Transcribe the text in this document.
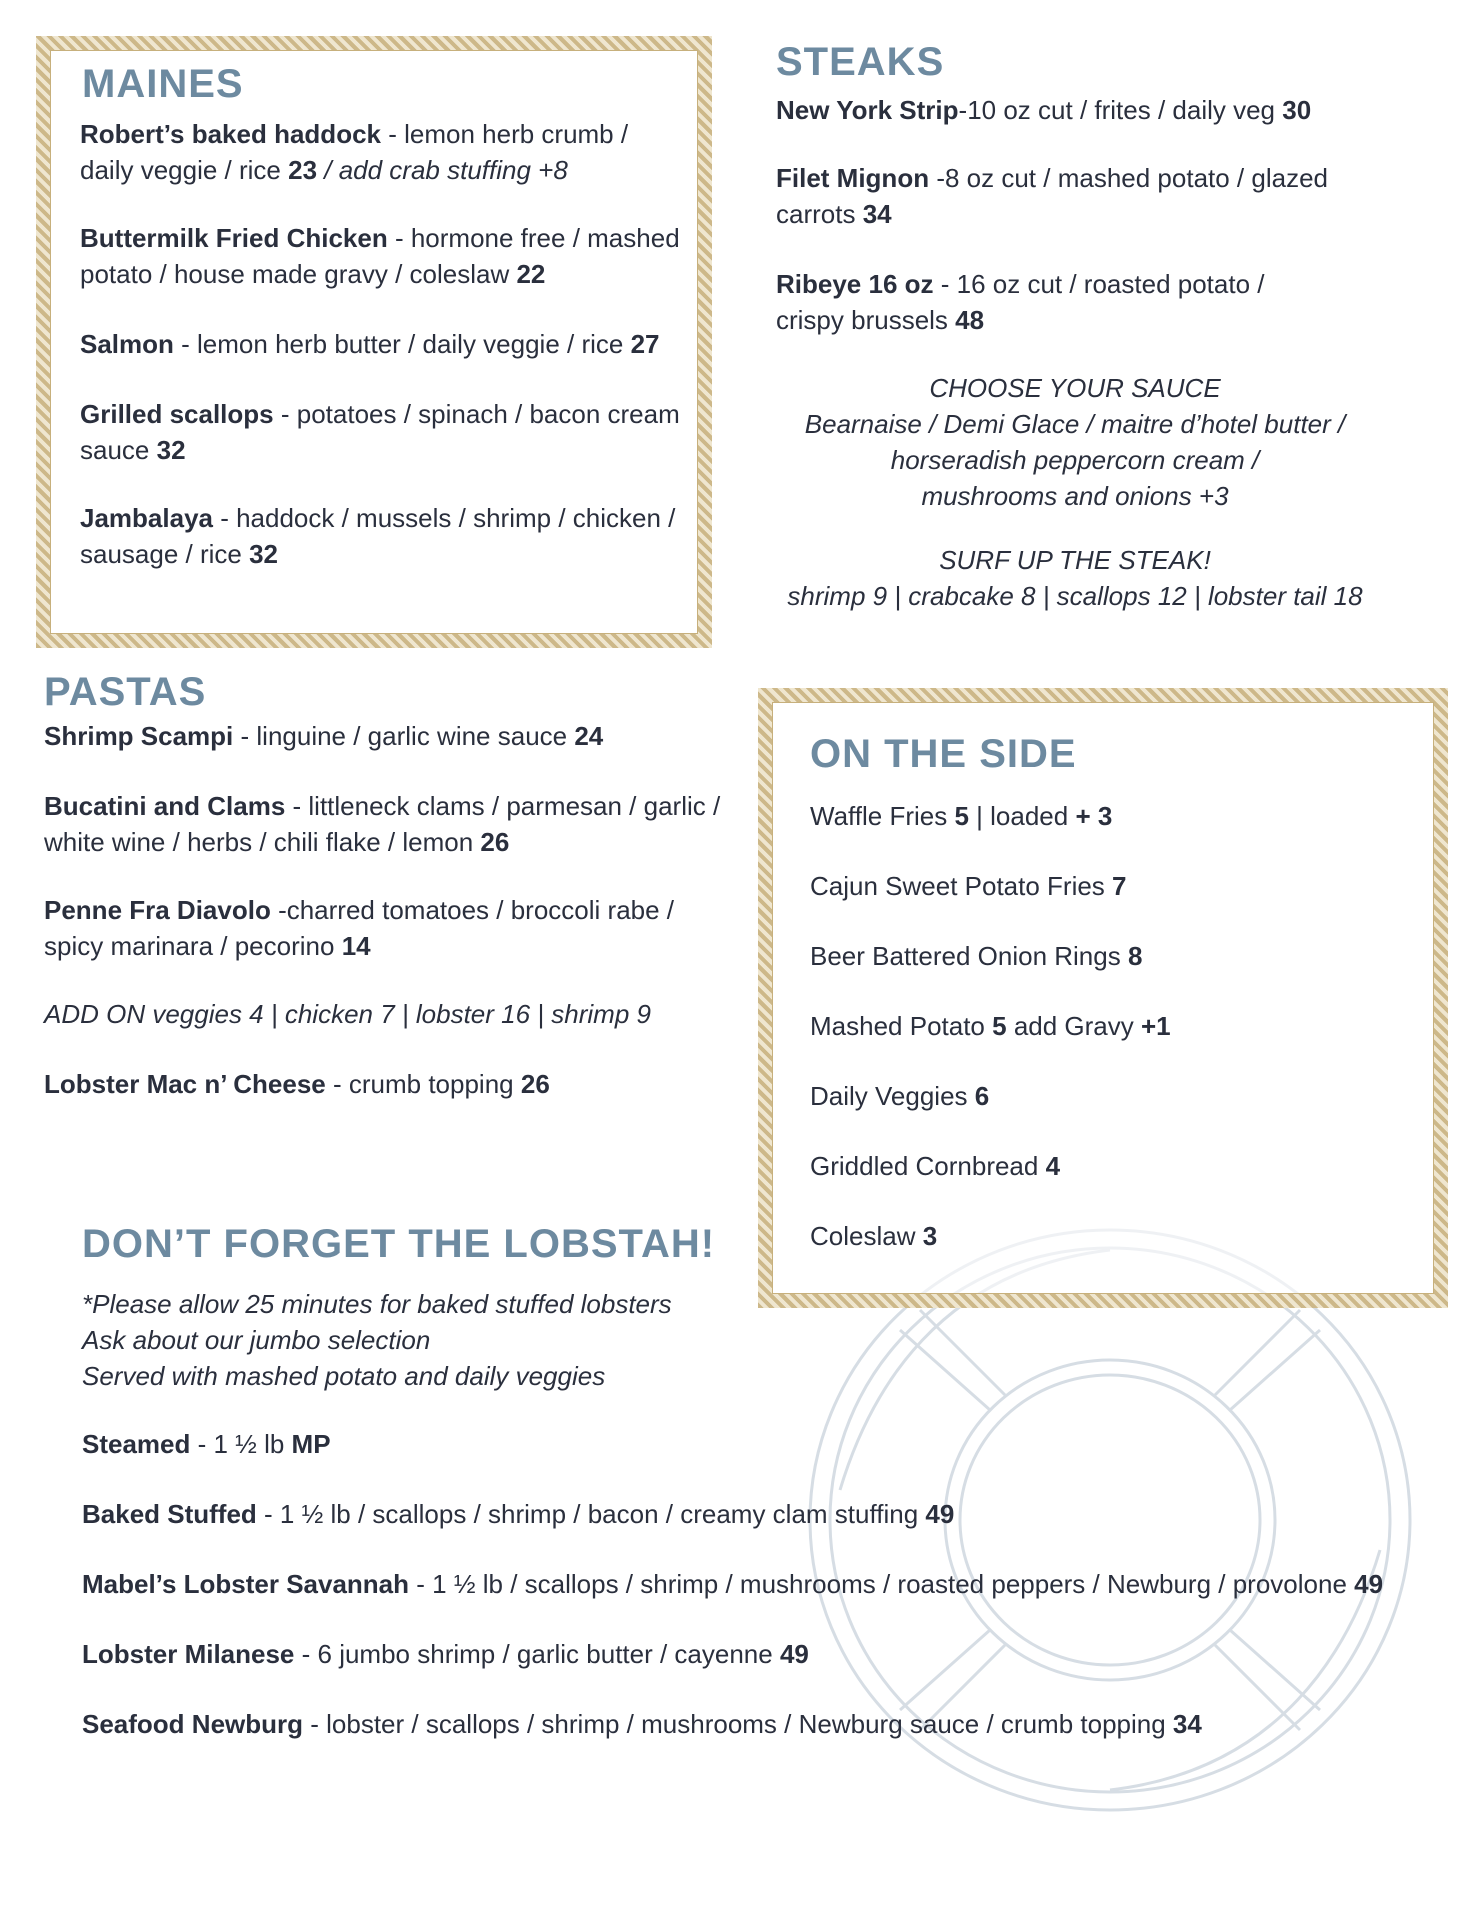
MAINES
Robert’s baked haddock - lemon herb crumb / daily veggie / rice 23 / add crab stuffing +8
Buttermilk Fried Chicken - hormone free / mashed potato / house made gravy / coleslaw 22
Salmon - lemon herb butter / daily veggie / rice 27
Grilled scallops - potatoes / spinach / bacon cream sauce 32
Jambalaya - haddock / mussels / shrimp / chicken / sausage / rice 32
STEAKS
New York Strip-10 oz cut / frites / daily veg 30
Filet Mignon -8 oz cut / mashed potato / glazed carrots 34
Ribeye 16 oz - 16 oz cut / roasted potato / crispy brussels 48
CHOOSE YOUR SAUCE
Bearnaise / Demi Glace / maitre d’hotel butter /
horseradish peppercorn cream /
mushrooms and onions +3
SURF UP THE STEAK!
shrimp 9 | crabcake 8 | scallops 12 | lobster tail 18
PASTAS
Shrimp Scampi - linguine / garlic wine sauce 24
Bucatini and Clams - littleneck clams / parmesan / garlic / white wine / herbs / chili flake / lemon 26
Penne Fra Diavolo -charred tomatoes / broccoli rabe / spicy marinara / pecorino 14
ADD ON veggies 4 | chicken 7 | lobster 16 | shrimp 9
Lobster Mac n’ Cheese - crumb topping 26
ON THE SIDE
Waffle Fries 5 | loaded + 3
Cajun Sweet Potato Fries 7
Beer Battered Onion Rings 8
Mashed Potato 5 add Gravy +1
Daily Veggies 6
Griddled Cornbread 4
Coleslaw 3
DON’T FORGET THE LOBSTAH!
*Please allow 25 minutes for baked stuffed lobsters
Ask about our jumbo selection
Served with mashed potato and daily veggies
Steamed - 1 ½ lb MP
Baked Stuffed - 1 ½ lb / scallops / shrimp / bacon / creamy clam stuffing 49
Mabel’s Lobster Savannah - 1 ½ lb / scallops / shrimp / mushrooms / roasted peppers / Newburg / provolone 49
Lobster Milanese - 6 jumbo shrimp / garlic butter / cayenne 49
Seafood Newburg - lobster / scallops / shrimp / mushrooms / Newburg sauce / crumb topping 34
